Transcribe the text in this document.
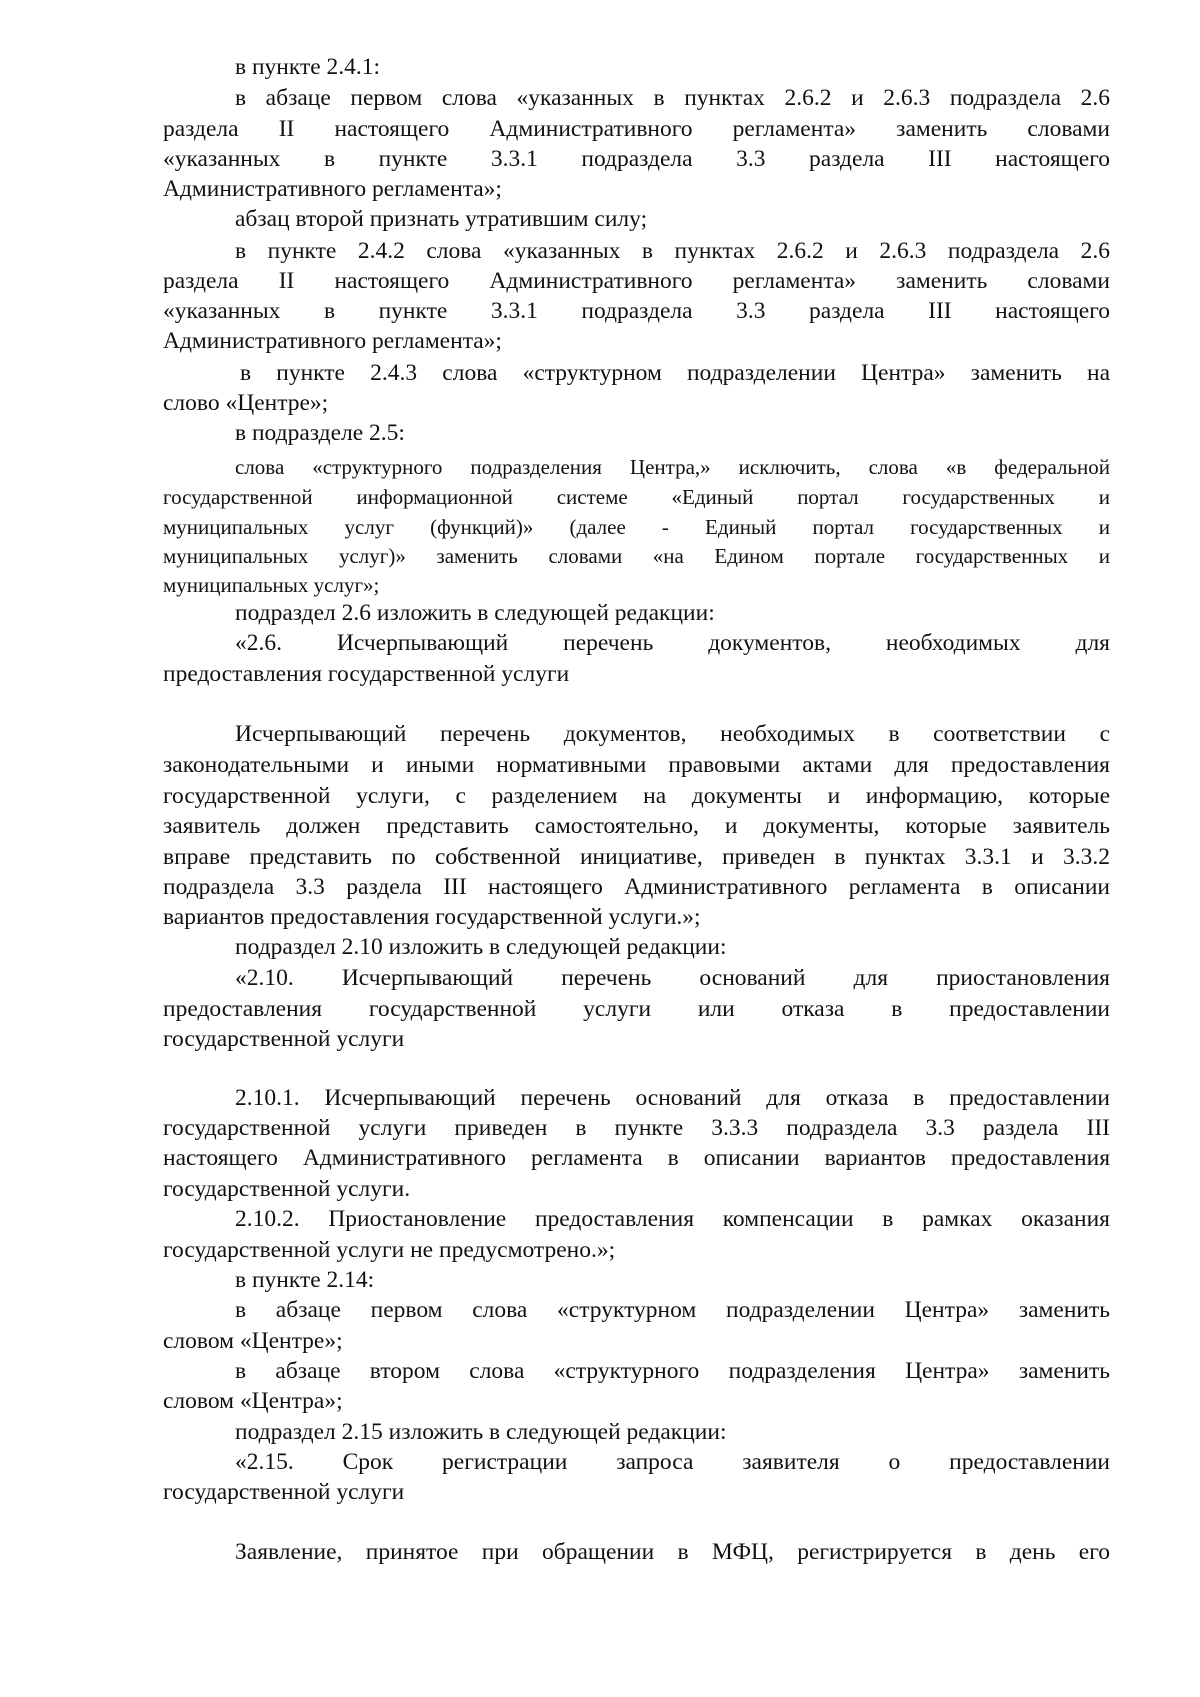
в пункте 2.4.1:

в абзаце первом слова «указанных в пунктах 2.6.2 и 2.6.3 подраздела 2.6

раздела II настоящего Административного регламента» заменить словами

«указанных в пункте 3.3.1 подраздела 3.3 раздела III настоящего

Административного регламента»;

абзац второй признать утратившим силу;

в пункте 2.4.2 слова «указанных в пунктах 2.6.2 и 2.6.3 подраздела 2.6

раздела II настоящего Административного регламента» заменить словами

«указанных в пункте 3.3.1 подраздела 3.3 раздела III настоящего

Административного регламента»;

в пункте 2.4.3 слова «структурном подразделении Центра» заменить на

слово «Центре»;

в подразделе 2.5:

слова «структурного подразделения Центра,» исключить, слова «в федеральной

государственной информационной системе «Единый портал государственных и

муниципальных услуг (функций)» (далее - Единый портал государственных и

муниципальных услуг)» заменить словами «на Едином портале государственных и

муниципальных услуг»;

подраздел 2.6 изложить в следующей редакции:

«2.6. Исчерпывающий перечень документов, необходимых для

предоставления государственной услуги

Исчерпывающий перечень документов, необходимых в соответствии с

законодательными и иными нормативными правовыми актами для предоставления

государственной услуги, с разделением на документы и информацию, которые

заявитель должен представить самостоятельно, и документы, которые заявитель

вправе представить по собственной инициативе, приведен в пунктах 3.3.1 и 3.3.2

подраздела 3.3 раздела III настоящего Административного регламента в описании

вариантов предоставления государственной услуги.»;

подраздел 2.10 изложить в следующей редакции:

«2.10. Исчерпывающий перечень оснований для приостановления

предоставления государственной услуги или отказа в предоставлении

государственной услуги

2.10.1. Исчерпывающий перечень оснований для отказа в предоставлении

государственной услуги приведен в пункте 3.3.3 подраздела 3.3 раздела III

настоящего Административного регламента в описании вариантов предоставления

государственной услуги.

2.10.2. Приостановление предоставления компенсации в рамках оказания

государственной услуги не предусмотрено.»;

в пункте 2.14:

в абзаце первом слова «структурном подразделении Центра» заменить

словом «Центре»;

в абзаце втором слова «структурного подразделения Центра» заменить

словом «Центра»;

подраздел 2.15 изложить в следующей редакции:

«2.15. Срок регистрации запроса заявителя о предоставлении

государственной услуги

Заявление, принятое при обращении в МФЦ, регистрируется в день его
